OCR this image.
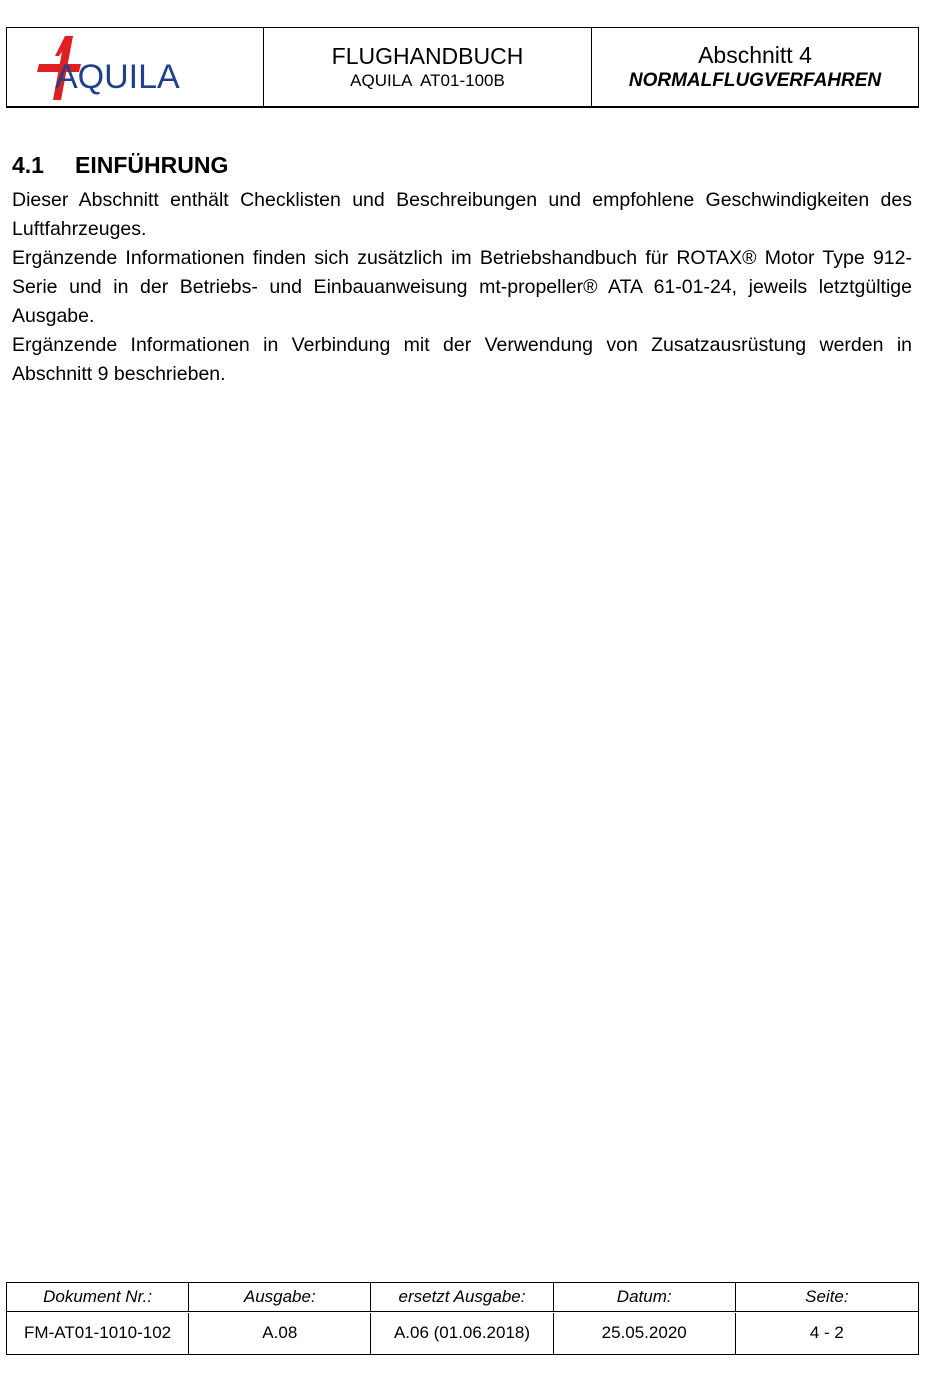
AQUILA
FLUGHANDBUCH
AQUILA  AT01-100B
Abschnitt 4
NORMALFLUGVERFAHREN
4.1	EINFÜHRUNG

Dieser Abschnitt enthält Checklisten und Beschreibungen und empfohlene Geschwindigkeiten des Luftfahrzeuges.

Ergänzende Informationen finden sich zusätzlich im Betriebshandbuch für ROTAX® Motor Type 912-Serie und in der Betriebs- und Einbauanweisung mt-propeller® ATA 61-01-24, jeweils letztgültige Ausgabe.

Ergänzende Informationen in Verbindung mit der Verwendung von Zusatzausrüstung werden in Abschnitt 9 beschrieben.

Dokument Nr.:	Ausgabe:	ersetzt Ausgabe:	Datum:	Seite:
FM-AT01-1010-102	A.08	A.06 (01.06.2018)	25.05.2020	4 - 2
